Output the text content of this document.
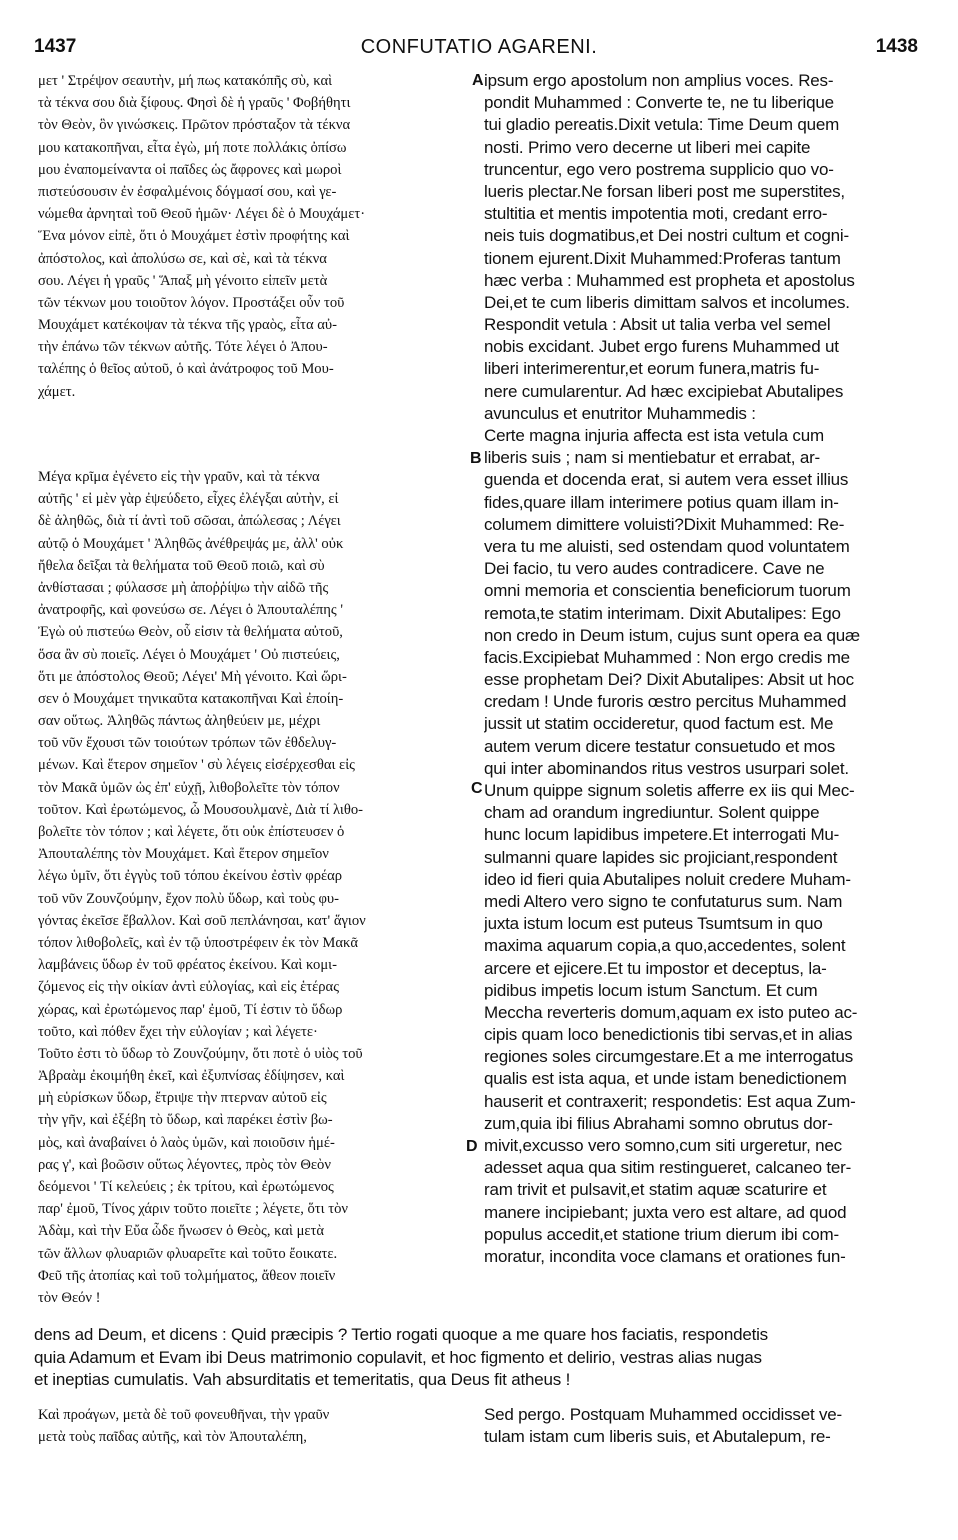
1437	CONFUTATIO AGARENI.	1438
A
B
C
D
μετ ' Στρέψον σεαυτὴν, μή πως κατακόπῆς σὺ, καὶ
τὰ τέκνα σου διὰ ξίφους. Φησὶ δὲ ἡ γραῦς ' Φοβήθητι
τὸν Θεὸν, ὃν γινώσκεις. Πρῶτον πρόσταξον τὰ τέκνα
μου κατακοπῆναι, εἶτα ἐγὼ, μή ποτε πολλάκις ὀπίσω
μου ἐναπομείναντα οἱ παῖδες ὡς ἄφρονες καὶ μωροὶ
πιστεύσουσιν ἐν ἐσφαλμένοις δόγμασί σου, καὶ γε-
νώμεθα ἀρνηταὶ τοῦ Θεοῦ ἡμῶν· Λέγει δὲ ὁ Μουχάμετ·
Ἕνα μόνον εἰπὲ, ὅτι ὁ Μουχάμετ ἐστὶν προφήτης καὶ
ἀπόστολος, καὶ ἀπολύσω σε, καὶ σὲ, καὶ τὰ τέκνα
σου. Λέγει ἡ γραῦς ' Ἅπαξ μὴ γένοιτο εἰπεῖν μετὰ
τῶν τέκνων μου τοιοῦτον λόγον. Προστάξει οὖν τοῦ
Μουχάμετ κατέκοψαν τὰ τέκνα τῆς γραὸς, εἶτα αὐ-
τὴν ἐπάνω τῶν τέκνων αὐτῆς. Τότε λέγει ὁ Ἀπου-
ταλέπης ὁ θεῖος αὐτοῦ, ὁ καὶ ἀνάτροφος τοῦ Μου-
χάμετ.
Μέγα κρῖμα ἐγένετο εἰς τὴν γραῦν, καὶ τὰ τέκνα
αὐτῆς ' εἰ μὲν γὰρ ἐψεύδετο, εἶχες ἐλέγξαι αὐτὴν, εἰ
δὲ ἀληθῶς, διὰ τί ἀντὶ τοῦ σῶσαι, ἀπώλεσας ; Λέγει
αὐτῷ ὁ Μουχάμετ ' Ἀληθῶς ἀνέθρεψάς με, ἀλλ' οὐκ
ἤθελα δεῖξαι τὰ θελήματα τοῦ Θεοῦ ποιῶ, καὶ σὺ
ἀνθίστασαι ; φύλασσε μὴ ἀποῤῥίψω τὴν αἰδῶ τῆς
ἀνατροφῆς, καὶ φονεύσω σε. Λέγει ὁ Ἀπουταλέπης '
Ἐγὼ οὐ πιστεύω Θεὸν, οὗ εἰσιν τὰ θελήματα αὐτοῦ,
ὅσα ἂν σὺ ποιεῖς. Λέγει ὁ Μουχάμετ ' Οὐ πιστεύεις,
ὅτι με ἀπόστολος Θεοῦ; Λέγει' Μὴ γένοιτο. Καὶ ὥρι-
σεν ὁ Μουχάμετ τηνικαῦτα κατακοπῆναι Καὶ ἐποίη-
σαν οὕτως. Ἀληθῶς πάντως ἀληθεύειν με, μέχρι
τοῦ νῦν ἔχουσι τῶν τοιούτων τρόπων τῶν ἐθδελυγ-
μένων. Καὶ ἕτερον σημεῖον ' σὺ λέγεις εἰσέρχεσθαι εἰς
τὸν Μακᾶ ὑμῶν ὡς ἐπ' εὐχῇ, λιθοβολεῖτε τὸν τόπον
τοῦτον. Καὶ ἐρωτώμενος, ὦ Μουσουλμανὲ, Διὰ τί λιθο-
βολεῖτε τὸν τόπον ; καὶ λέγετε, ὅτι οὐκ ἐπίστευσεν ὁ
Ἀπουταλέπης τὸν Μουχάμετ. Καὶ ἕτερον σημεῖον
λέγω ὑμῖν, ὅτι ἐγγὺς τοῦ τόπου ἐκείνου ἐστὶν φρέαρ
τοῦ νῦν Ζουνζούμην, ἔχον πολὺ ὕδωρ, καὶ τοὺς φυ-
γόντας ἐκεῖσε ἔβαλλον. Καὶ σοῦ πεπλάνησαι, κατ' ἅγιον
τόπον λιθοβολεῖς, καὶ ἐν τῷ ὑποστρέφειν ἐκ τὸν Μακᾶ
λαμβάνεις ὕδωρ ἐν τοῦ φρέατος ἐκείνου. Καὶ κομι-
ζόμενος εἰς τὴν οἰκίαν ἀντὶ εὐλογίας, καὶ εἰς ἑτέρας
χώρας, καὶ ἐρωτώμενος παρ' ἐμοῦ, Τί ἐστιν τὸ ὕδωρ
τοῦτο, καὶ πόθεν ἔχει τὴν εὐλογίαν ; καὶ λέγετε·
Τοῦτο ἐστι τὸ ὕδωρ τὸ Ζουνζούμην, ὅτι ποτὲ ὁ υἱὸς τοῦ
Ἀβραὰμ ἐκοιμήθη ἐκεῖ, καὶ ἐξυπνίσας ἐδίψησεν, καὶ
μὴ εὑρίσκων ὕδωρ, ἔτριψε τὴν πτερναν αὐτοῦ εἰς
τὴν γῆν, καὶ ἐξέβη τὸ ὕδωρ, καὶ παρέκει ἐστὶν βω-
μὸς, καὶ ἀναβαίνει ὁ λαὸς ὑμῶν, καὶ ποιοῦσιν ἡμέ-
ρας γ', καὶ βοῶσιν οὕτως λέγοντες, πρὸς τὸν Θεὸν
δεόμενοι ' Τί κελεύεις ; ἐκ τρίτου, καὶ ἐρωτώμενος
παρ' ἐμοῦ, Τίνος χάριν τοῦτο ποιεῖτε ; λέγετε, ὅτι τὸν
Ἀδὰμ, καὶ τὴν Εὔα ὧδε ἥνωσεν ὁ Θεὸς, καὶ μετὰ
τῶν ἄλλων φλυαριῶν φλυαρεῖτε καὶ τοῦτο ἔοικατε.
Φεῦ τῆς ἀτοπίας καὶ τοῦ τολμήματος, ἄθεον ποιεῖν
τὸν Θεόν !
ipsum ergo apostolum non amplius voces. Res-
pondit Muhammed : Converte te, ne tu liberique
tui gladio pereatis.Dixit vetula: Time Deum quem
nosti. Primo vero decerne ut liberi mei capite
truncentur, ego vero postrema supplicio quo vo-
lueris plectar.Ne forsan liberi post me superstites,
stultitia et mentis impotentia moti, credant erro-
neis tuis dogmatibus,et Dei nostri cultum et cogni-
tionem ejurent.Dixit Muhammed:Proferas tantum
hæc verba : Muhammed est propheta et apostolus
Dei,et te cum liberis dimittam salvos et incolumes.
Respondit vetula : Absit ut talia verba vel semel
nobis excidant. Jubet ergo furens Muhammed ut
liberi interimerentur,et eorum funera,matris fu-
nere cumularentur. Ad hæc excipiebat Abutalipes
avunculus et enutritor Muhammedis :
Certe magna injuria affecta est ista vetula cum
liberis suis ; nam si mentiebatur et errabat, ar-
guenda et docenda erat, si autem vera esset illius
fides,quare illam interimere potius quam illam in-
columem dimittere voluisti?Dixit Muhammed: Re-
vera tu me aluisti, sed ostendam quod voluntatem
Dei facio, tu vero audes contradicere. Cave ne
omni memoria et conscientia beneficiorum tuorum
remota,te statim interimam. Dixit Abutalipes: Ego
non credo in Deum istum, cujus sunt opera ea quæ
facis.Excipiebat Muhammed : Non ergo credis me
esse prophetam Dei? Dixit Abutalipes: Absit ut hoc
credam ! Unde furoris œstro percitus Muhammed
jussit ut statim occideretur, quod factum est. Me
autem verum dicere testatur consuetudo et mos
qui inter abominandos ritus vestros usurpari solet.
Unum quippe signum soletis afferre ex iis qui Mec-
cham ad orandum ingrediuntur. Solent quippe
hunc locum lapidibus impetere.Et interrogati Mu-
sulmanni quare lapides sic projiciant,respondent
ideo id fieri quia Abutalipes noluit credere Muham-
medi Altero vero signo te confutaturus sum. Nam
juxta istum locum est puteus Tsumtsum in quo
maxima aquarum copia,a quo,accedentes, solent
arcere et ejicere.Et tu impostor et deceptus, la-
pidibus impetis locum istum Sanctum. Et cum
Meccha reverteris domum,aquam ex isto puteo ac-
cipis quam loco benedictionis tibi servas,et in alias
regiones soles circumgestare.Et a me interrogatus
qualis est ista aqua, et unde istam benedictionem
hauserit et contraxerit; respondetis: Est aqua Zum-
zum,quia ibi filius Abrahami somno obrutus dor-
mivit,excusso vero somno,cum siti urgeretur, nec
adesset aqua qua sitim restingueret, calcaneo ter-
ram trivit et pulsavit,et statim aquæ scaturire et
manere incipiebant; juxta vero est altare, ad quod
populus accedit,et statione trium dierum ibi com-
moratur, incondita voce clamans et orationes fun-
dens ad Deum, et dicens : Quid præcipis ? Tertio rogati quoque a me quare hos faciatis, respondetis
quia Adamum et Evam ibi Deus matrimonio copulavit, et hoc figmento et delirio, vestras alias nugas
et ineptias cumulatis. Vah absurditatis et temeritatis, qua Deus fit atheus !
Καὶ προάγων, μετὰ δὲ τοῦ φονευθῆναι, τὴν γραῦν
μετὰ τοὺς παῖδας αὐτῆς, καὶ τὸν Ἀπουταλέπη,
Sed pergo. Postquam Muhammed occidisset ve-
tulam istam cum liberis suis, et Abutalepum, re-
